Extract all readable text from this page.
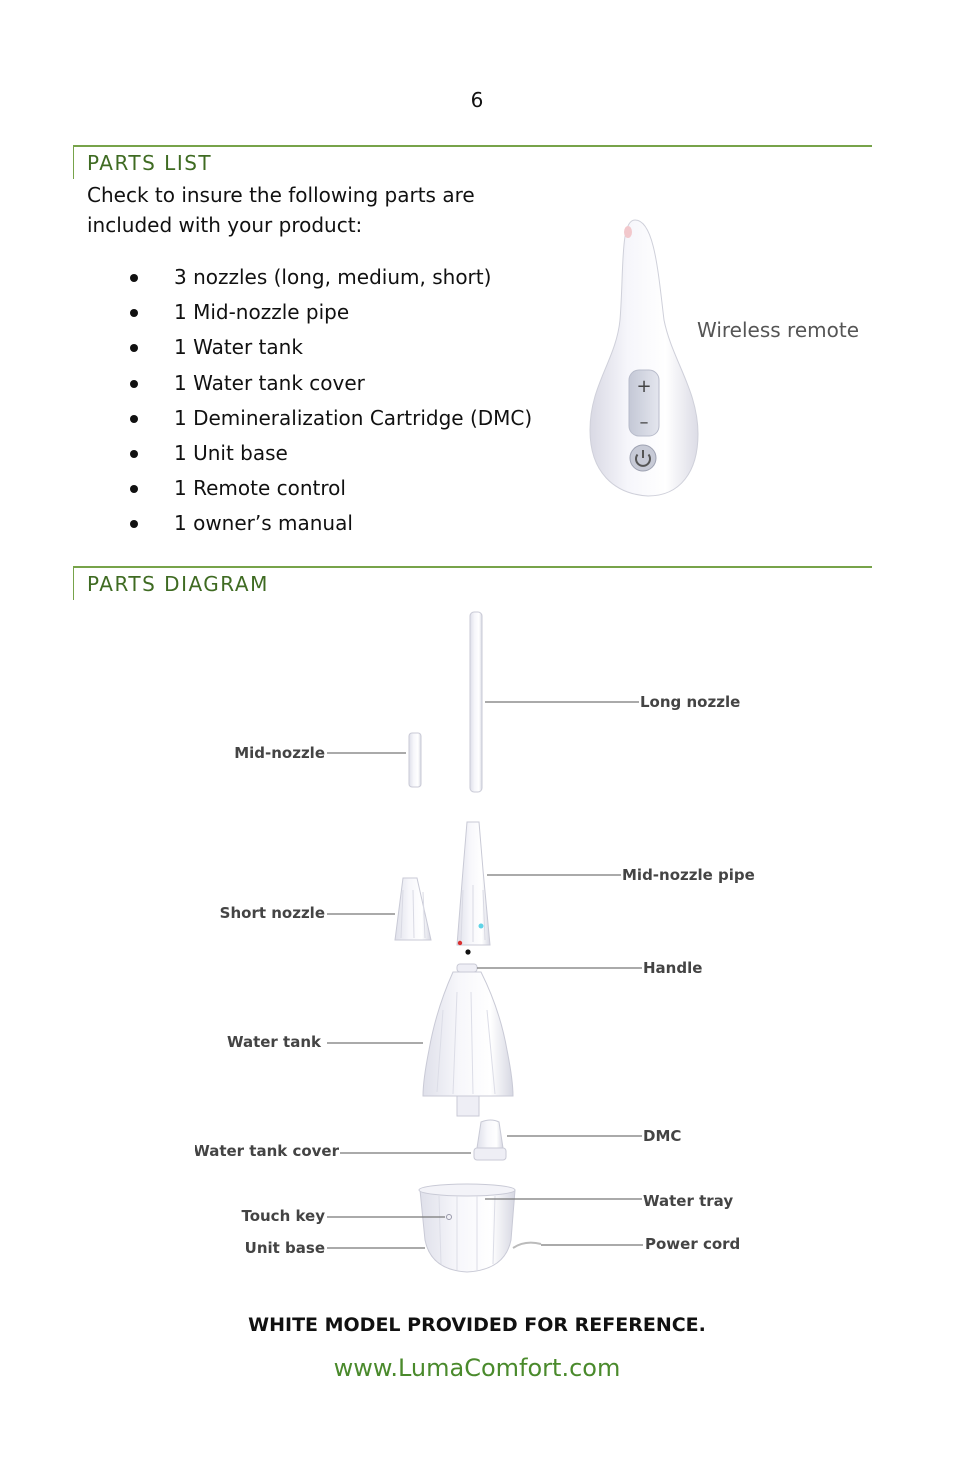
6
PARTS LIST
Check to insure the following parts are
included with your product:
3 nozzles (long, medium, short)
1 Mid-nozzle pipe
1 Water tank
1 Water tank cover
1 Demineralization Cartridge (DMC)
1 Unit base
1 Remote control
1 owner’s manual
+
–
Wireless remote
PARTS DIAGRAM
Long nozzle
Mid-nozzle
Mid-nozzle pipe
Short nozzle
Handle
Water tank
DMC
Water tank cover
Water tray
Touch key
Unit base	Power cord
WHITE MODEL PROVIDED FOR REFERENCE.
www.LumaComfort.com
